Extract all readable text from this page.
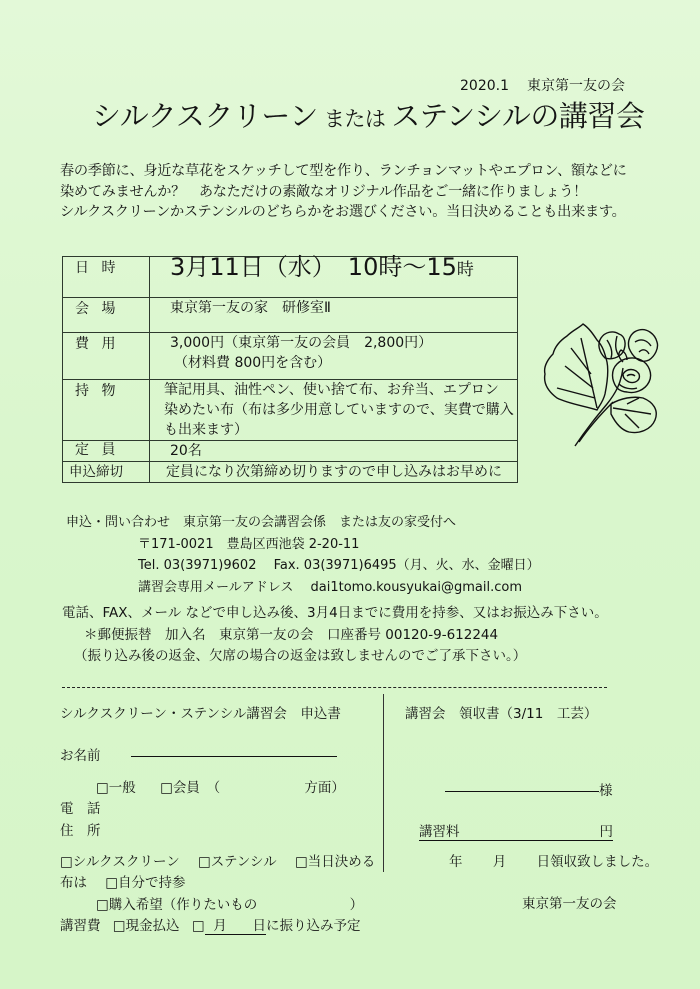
2020.1 東京第一友の会
シルクスクリーン または ステンシルの講習会
春の季節に、身近な草花をスケッチして型を作り、ランチョンマットやエプロン、額などに
染めてみませんか？　あなただけの素敵なオリジナル作品をご一緒に作りましょう！
シルクスクリーンかステンシルのどちらかをお選びください。当日決めることも出来ます。
日 時	3月11日（水）　10時〜15時
会 場	東京第一友の家　研修室Ⅱ
費 用	3,000円（東京第一友の会員　2,800円）
（材料費 800円を含む）

持 物	筆記用具、油性ペン、使い捨て布、お弁当、エプロン
染めたい布（布は多少用意していますので、実費で購入
も出来ます）

定 員	20名
申込締切	定員になり次第締め切りますので申し込みはお早めに
申込・問い合わせ　東京第一友の会講習会係　または友の家受付へ
〒171-0021　豊島区西池袋 2-20-11
Tel. 03(3971)9602　 Fax. 03(3971)6495（月、火、水、金曜日）
講習会専用メールアドレス　 dai1tomo.kousyukai@gmail.com
電話、FAX、メール などで申し込み後、3月4日までに費用を持参、又はお振込み下さい。
＊郵便振替　加入名　東京第一友の会　口座番号 00120-9-612244
（振り込み後の返金、欠席の場合の返金は致しませんのでご了承下さい。）
シルクスクリーン・ステンシル講習会　申込書
お名前
□一般 □会員　（	方面）
電　話
住　所
□シルクスクリーン □ステンシル □当日決める
布は □自分で持参
□購入希望（作りたいもの	）
講習費 □現金払込 □ 月 日に振り込み予定
講習会　領収書（3/11　工芸）
様
講習料	円
年 月 日領収致しました。
東京第一友の会
